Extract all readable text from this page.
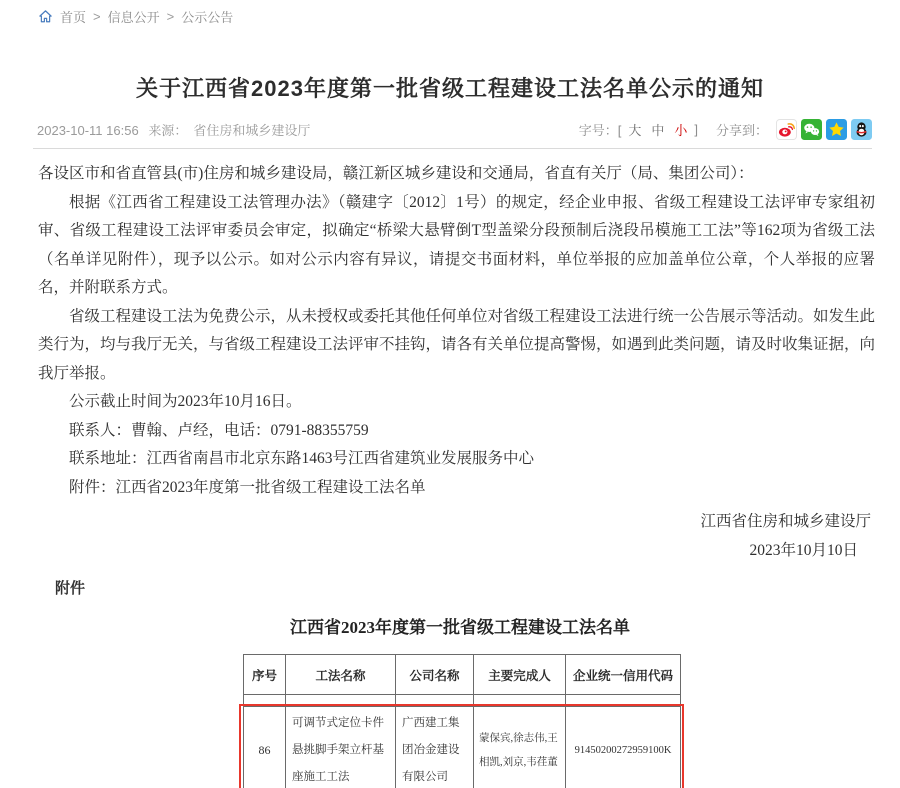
首页 > 信息公开 > 公示公告
关于江西省2023年度第一批省级工程建设工法名单公示的通知
2023-10-11 16:56 来源： 省住房和城乡建设厅	字号：[ 大 中 小 ] 分享到：

各设区市和省直管县(市)住房和城乡建设局，赣江新区城乡建设和交通局，省直有关厅（局、集团公司）：

根据《江西省工程建设工法管理办法》（赣建字〔2012〕1号）的规定，经企业申报、省级工程建设工法评审专家组初审、省级工程建设工法评审委员会审定，拟确定“桥梁大悬臂倒T型盖梁分段预制后浇段吊模施工工法”等162项为省级工法（名单详见附件），现予以公示。如对公示内容有异议，请提交书面材料，单位举报的应加盖单位公章，个人举报的应署名，并附联系方式。

省级工程建设工法为免费公示，从未授权或委托其他任何单位对省级工程建设工法进行统一公告展示等活动。如发生此类行为，均与我厅无关，与省级工程建设工法评审不挂钩，请各有关单位提高警惕，如遇到此类问题，请及时收集证据，向我厅举报。

公示截止时间为2023年10月16日。

联系人：曹翰、卢经，电话：0791-88355759

联系地址：江西省南昌市北京东路1463号江西省建筑业发展服务中心

附件：江西省2023年度第一批省级工程建设工法名单

江西省住房和城乡建设厅
2023年10月10日
附件
江西省2023年度第一批省级工程建设工法名单
序号	工法名称	公司名称	主要完成人	企业统一信用代码

86	可调节式定位卡件悬挑脚手架立杆基座施工工法	广西建工集团冶金建设有限公司	蒙保宾,徐志伟,王相凯,刘京,韦荏董	91450200272959100K
